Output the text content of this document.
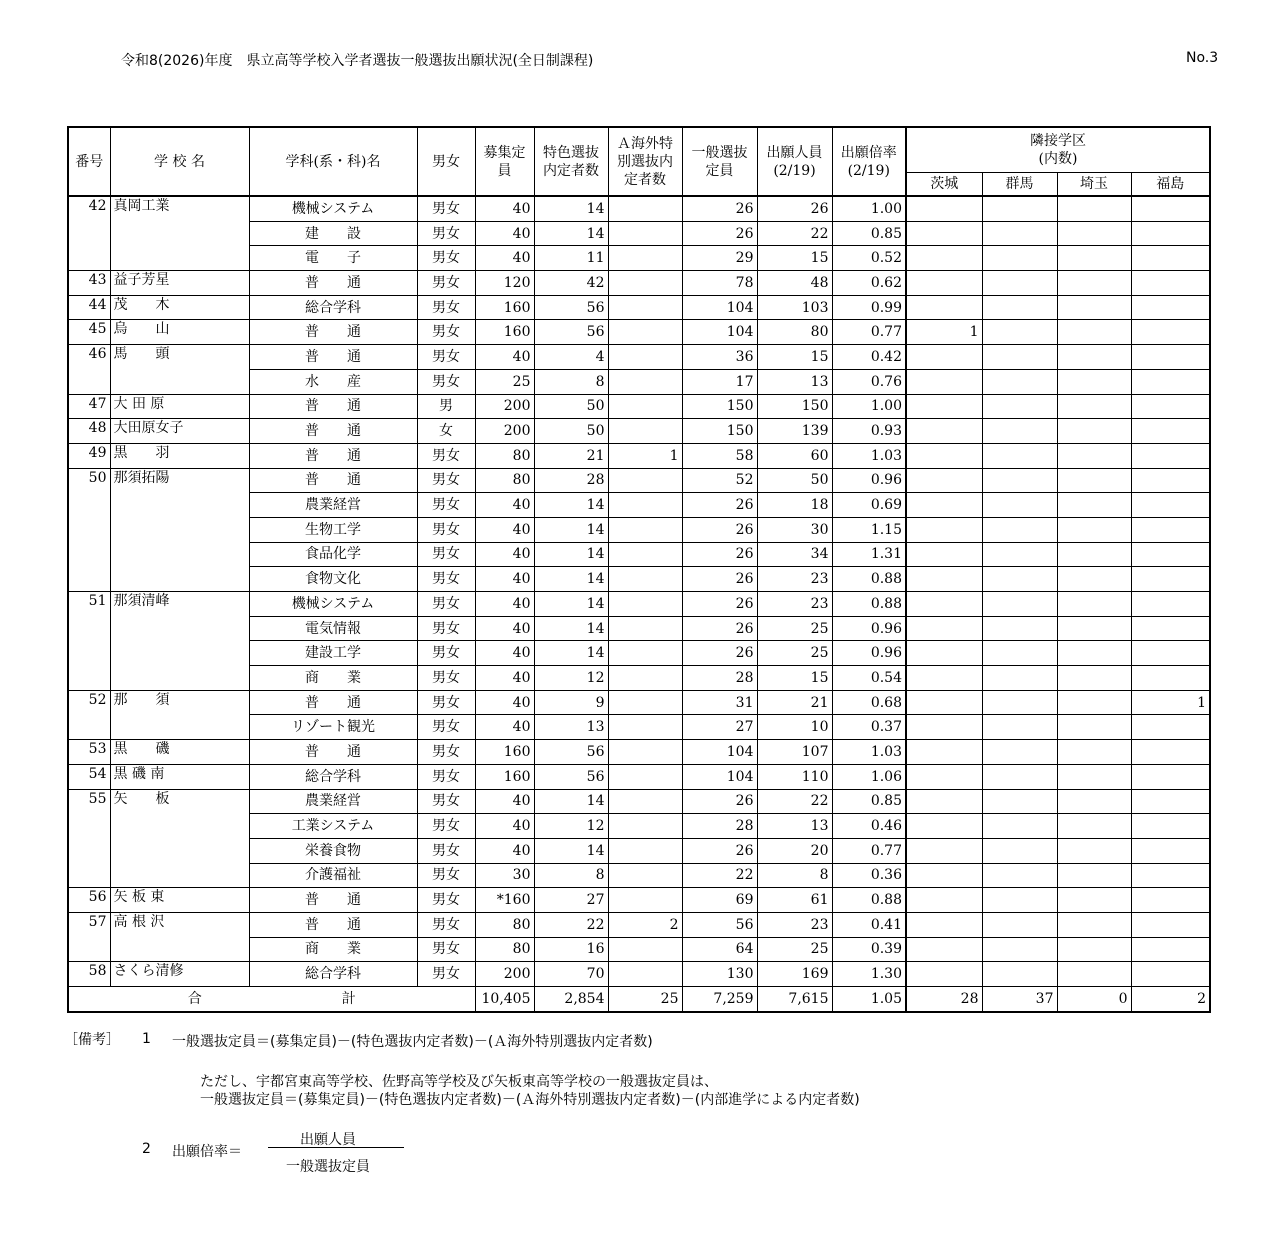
令和8(2026)年度　県立高等学校入学者選抜一般選抜出願状況(全日制課程)	No.3
番号	学 校 名	学科(系・科)名	男女	募集定員	特色選抜内定者数	Ａ海外特別選抜内定者数	一般選抜定員	出願人員(2/19)	出願倍率(2/19)	隣接学区
(内数)			

										茨城	群馬	埼玉	福島
42	真岡工業	機械システム	男女	40	14		26	26	1.00				
		建　　設	男女	40	14		26	22	0.85				
		電　　子	男女	40	11		29	15	0.52				
43	益子芳星	普　　通	男女	120	42		78	48	0.62				
44	茂　　木	総合学科	男女	160	56		104	103	0.99				
45	烏　　山	普　　通	男女	160	56		104	80	0.77	1			
46	馬　　頭	普　　通	男女	40	4		36	15	0.42				
		水　　産	男女	25	8		17	13	0.76				
47	大 田 原	普　　通	男	200	50		150	150	1.00				
48	大田原女子	普　　通	女	200	50		150	139	0.93				
49	黒　　羽	普　　通	男女	80	21	1	58	60	1.03				
50	那須拓陽	普　　通	男女	80	28		52	50	0.96				
		農業経営	男女	40	14		26	18	0.69				
		生物工学	男女	40	14		26	30	1.15				
		食品化学	男女	40	14		26	34	1.31				
		食物文化	男女	40	14		26	23	0.88				
51	那須清峰	機械システム	男女	40	14		26	23	0.88				
		電気情報	男女	40	14		26	25	0.96				
		建設工学	男女	40	14		26	25	0.96				
		商　　業	男女	40	12		28	15	0.54				
52	那　　須	普　　通	男女	40	9		31	21	0.68				1
		リゾート観光	男女	40	13		27	10	0.37				
53	黒　　磯	普　　通	男女	160	56		104	107	1.03				
54	黒 磯 南	総合学科	男女	160	56		104	110	1.06				
55	矢　　板	農業経営	男女	40	14		26	22	0.85				
		工業システム	男女	40	12		28	13	0.46				
		栄養食物	男女	40	14		26	20	0.77				
		介護福祉	男女	30	8		22	8	0.36				
56	矢 板 東	普　　通	男女	*160	27		69	61	0.88				
57	高 根 沢	普　　通	男女	80	22	2	56	23	0.41				
		商　　業	男女	80	16		64	25	0.39				
58	さくら清修	総合学科	男女	200	70		130	169	1.30				
合 計				10,405	2,854	25	7,259	7,615	1.05	28	37	0	2
［備考］ 1 一般選抜定員＝(募集定員)－(特色選抜内定者数)－(Ａ海外特別選抜内定者数)
ただし、宇都宮東高等学校、佐野高等学校及び矢板東高等学校の一般選抜定員は、
一般選抜定員＝(募集定員)－(特色選抜内定者数)－(Ａ海外特別選抜内定者数)－(内部進学による内定者数)
2 出願倍率＝
出願人員
一般選抜定員
